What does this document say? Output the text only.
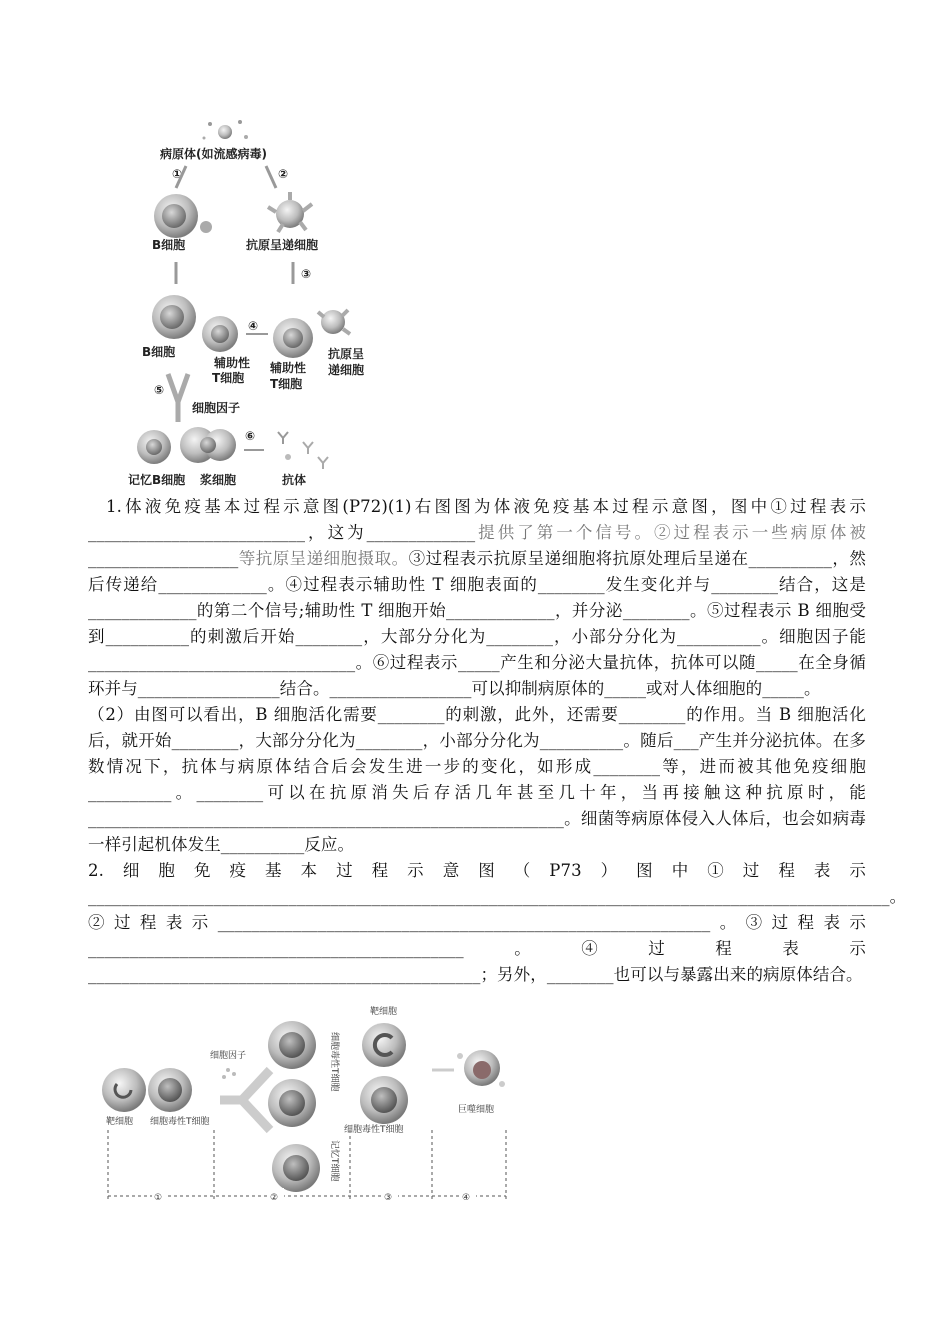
病原体(如流感病毒)
①	②
B细胞	抗原呈递细胞
③
B细胞
辅助性
T细胞
④
辅助性
T细胞
抗原呈
递细胞
⑤
细胞因子
⑥
记忆B细胞 浆细胞	抗体

1.体液免疫基本过程示意图(P72)(1)右图图为体液免疫基本过程示意图，图中①过程表示__________________________，这为_____________提供了第一个信号。②过程表示一些病原体被__________________等抗原呈递细胞摄取。③过程表示抗原呈递细胞将抗原处理后呈递在__________，然后传递给_____________。④过程表示辅助性 T 细胞表面的________发生变化并与________结合，这是_____________的第二个信号;辅助性 T 细胞开始_____________，并分泌________。⑤过程表示 B 细胞受到__________的刺激后开始________，大部分分化为________，小部分分化为__________。细胞因子能________________________________。⑥过程表示_____产生和分泌大量抗体，抗体可以随_____在全身循环并与_________________结合。_________________可以抑制病原体的_____或对人体细胞的_____。

（2）由图可以看出，B 细胞活化需要________的刺激，此外，还需要________的作用。当 B 细胞活化后，就开始________，大部分分化为________，小部分分化为__________。随后___产生并分泌抗体。在多数情况下，抗体与病原体结合后会发生进一步的变化，如形成________等，进而被其他免疫细胞__________。________可以在抗原消失后存活几年甚至几十年，当再接触这种抗原时，能_________________________________________________________。细菌等病原体侵入人体后，也会如病毒一样引起机体发生__________反应。

2.细胞免疫基本过程示意图（P73）图中①过程表示________________________________________________________________________________________________。②过程表示___________________________________________________________。③过程表示_____________________________________________。④过程表示_______________________________________________；另外，________也可以与暴露出来的病原体结合。

靶细胞 细胞毒性T细胞
细胞因子	细胞毒性T细胞
记忆T细胞
靶细胞
细胞毒性T细胞
巨噬细胞
①	②	③	④
